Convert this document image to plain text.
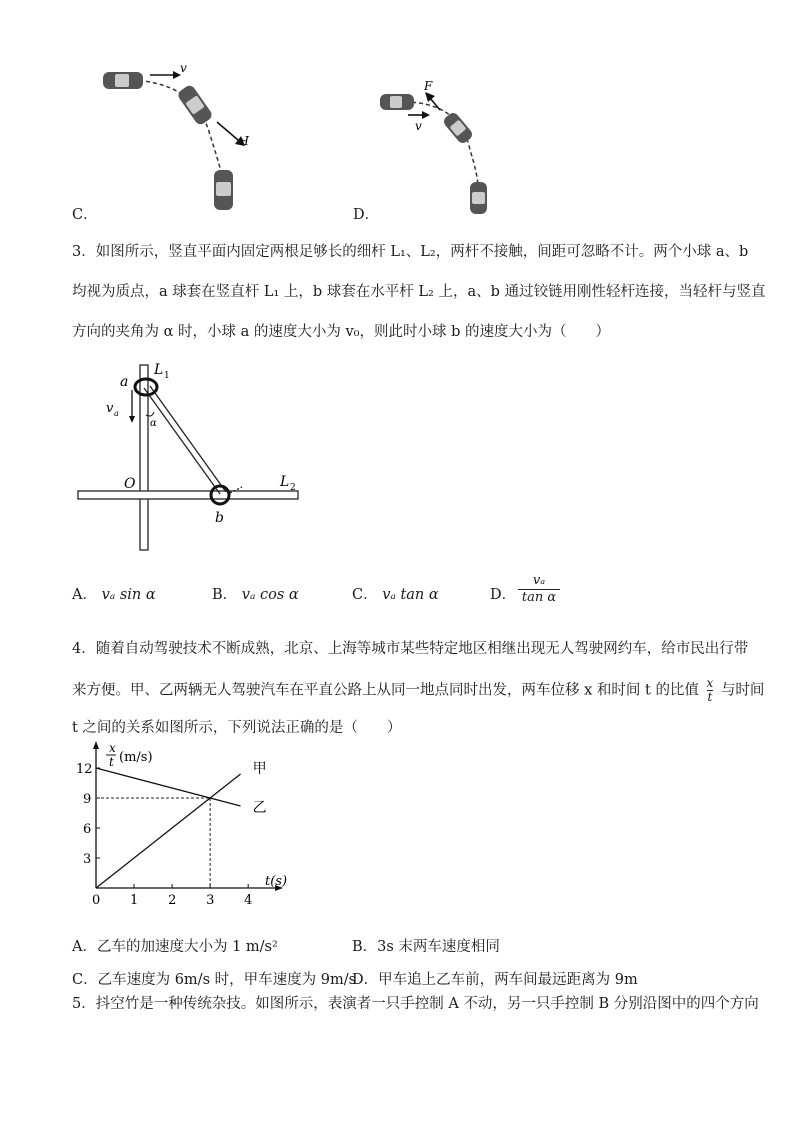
v
F
C．
v
F
D．
3．如图所示，竖直平面内固定两根足够长的细杆 L₁、L₂，两杆不接触，间距可忽略不计。两个小球 a、b
均视为质点，a 球套在竖直杆 L₁ 上，b 球套在水平杆 L₂ 上，a、b 通过铰链用刚性轻杆连接，当轻杆与竖直
方向的夹角为 α 时，小球 a 的速度大小为 v₀，则此时小球 b 的速度大小为（　　）
a
L 1
v a
α
O	L 2
b
A． vₐ sin α	B． vₐ cos α	C． vₐ tan α	D． $\frac{\text{vₐ}}{\text{tan α}}$
4．随着自动驾驶技术不断成熟，北京、上海等城市某些特定地区相继出现无人驾驶网约车，给市民出行带
来方便。甲、乙两辆无人驾驶汽车在平直公路上从同一地点同时出发，两车位移 x 和时间 t 的比值 $\frac{x}{t}$ 与时间
t 之间的关系如图所示，下列说法正确的是（　　）
0 1 2 3 4
3
6
9
12	甲
乙
t(s)
x
t (m/s)
A．乙车的加速度大小为 1 m/s²	B．3s 末两车速度相同
C．乙车速度为 6m/s 时，甲车速度为 9m/s
D．甲车追上乙车前，两车间最远距离为 9m
5．抖空竹是一种传统杂技。如图所示，表演者一只手控制 A 不动，另一只手控制 B 分别沿图中的四个方向
